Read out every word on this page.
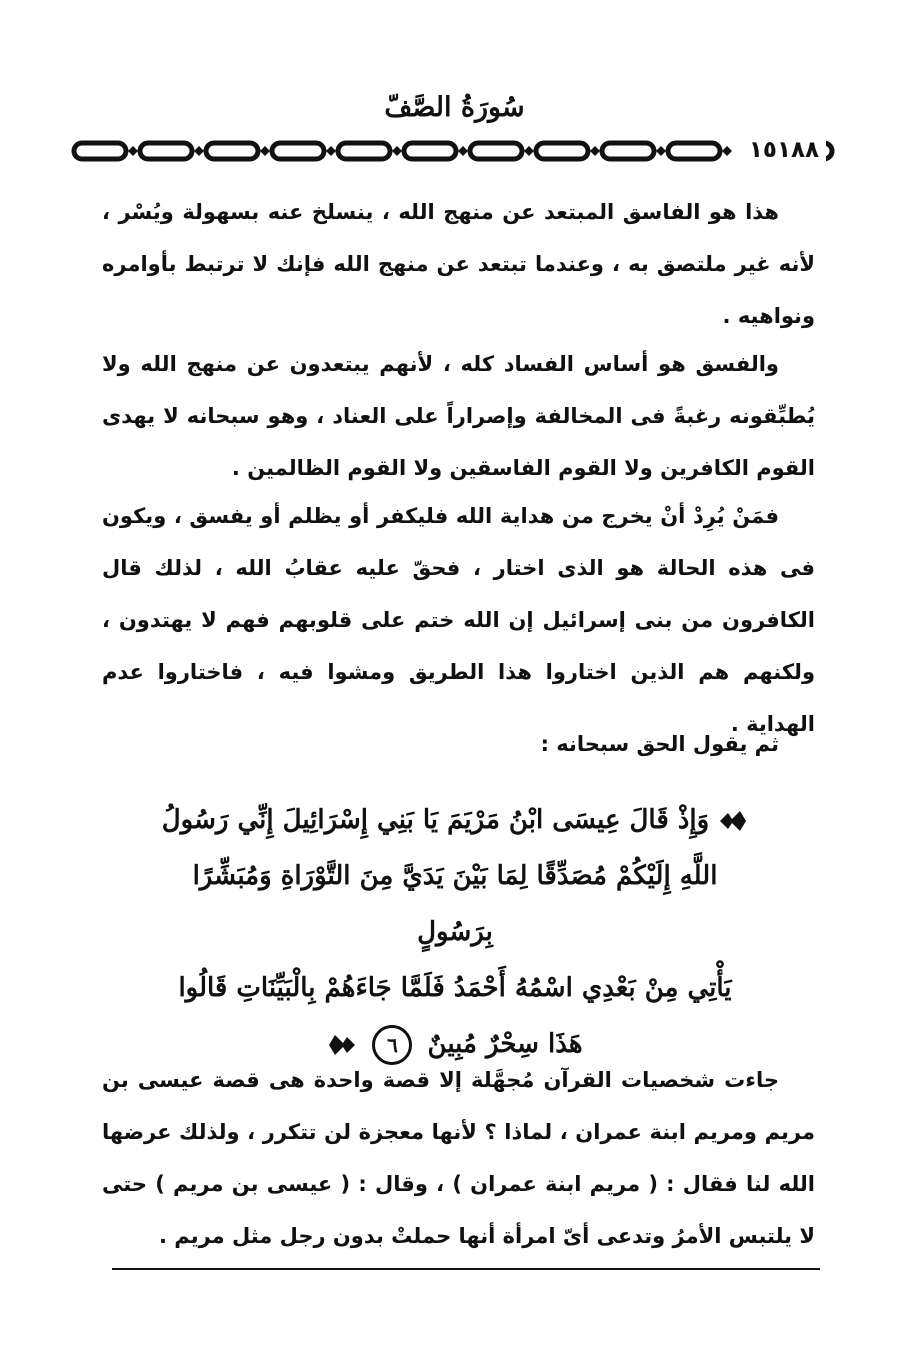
سُورَةُ الصَّفّ
١٥١٨٨
هذا هو الفاسق المبتعد عن منهج الله ، ينسلخ عنه بسهولة ويُسْر ، لأنه غير ملتصق به ، وعندما تبتعد عن منهج الله فإنك لا ترتبط بأوامره ونواهيه .
والفسق هو أساس الفساد كله ، لأنهم يبتعدون عن منهج الله ولا يُطبِّقونه رغبةً فى المخالفة وإصراراً على العناد ، وهو سبحانه لا يهدى القوم الكافرين ولا القوم الفاسقين ولا القوم الظالمين .
فمَنْ يُرِدْ أنْ يخرج من هداية الله فليكفر أو يظلم أو يفسق ، ويكون فى هذه الحالة هو الذى اختار ، فحقّ عليه عقابُ الله ، لذلك قال الكافرون من بنى إسرائيل إن الله ختم على قلوبهم فهم لا يهتدون ، ولكنهم هم الذين اختاروا هذا الطريق ومشوا فيه ، فاختاروا عدم الهداية .
ثم يقول الحق سبحانه :
وَإِذْ قَالَ عِيسَى ابْنُ مَرْيَمَ يَا بَنِي إِسْرَائِيلَ إِنِّي رَسُولُ
اللَّهِ إِلَيْكُمْ مُصَدِّقًا لِمَا بَيْنَ يَدَيَّ مِنَ التَّوْرَاةِ وَمُبَشِّرًا بِرَسُولٍ
يَأْتِي مِنْ بَعْدِي اسْمُهُ أَحْمَدُ فَلَمَّا جَاءَهُمْ بِالْبَيِّنَاتِ قَالُوا
هَذَا سِحْرٌ مُبِينٌ ٦
جاءت شخصيات القرآن مُجهَّلة إلا قصة واحدة هى قصة عيسى بن مريم ومريم ابنة عمران ، لماذا ؟ لأنها معجزة لن تتكرر ، ولذلك عرضها الله لنا فقال : ( مريم ابنة عمران ) ، وقال : ( عيسى بن مريم ) حتى لا يلتبس الأمرُ وتدعى أىّ امرأة أنها حملتْ بدون رجل مثل مريم .
